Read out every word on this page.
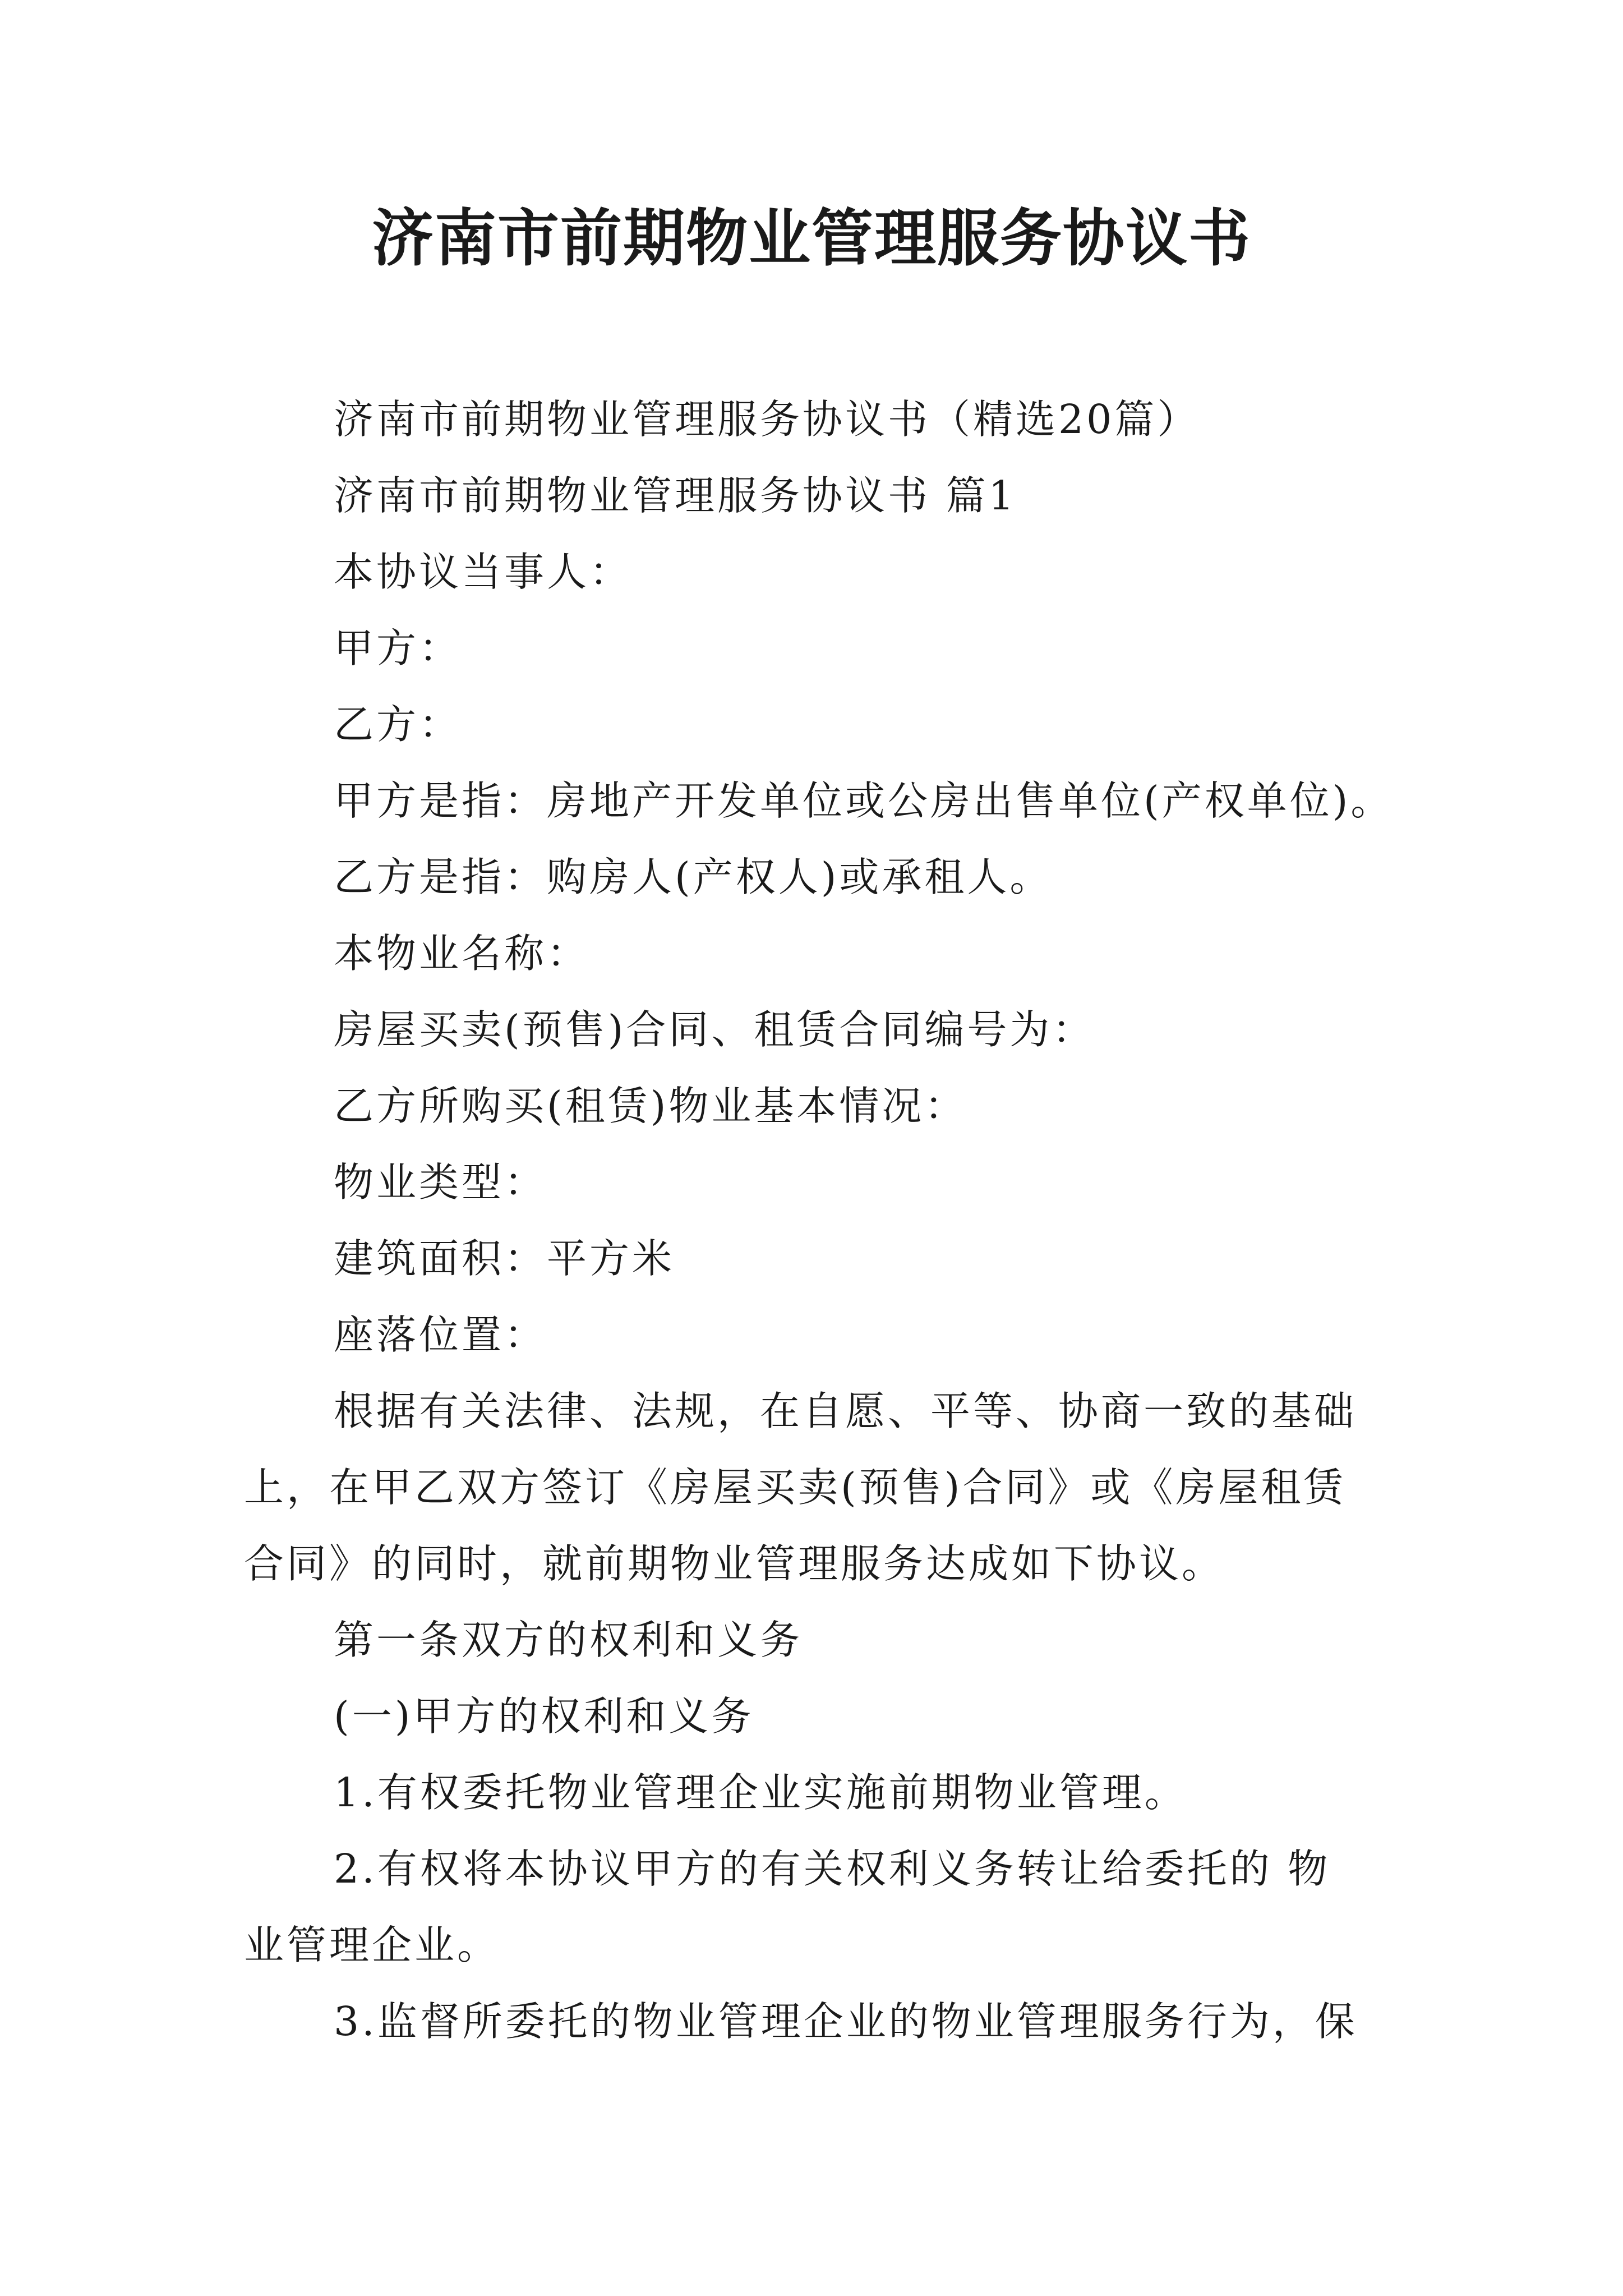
济南市前期物业管理服务协议书

济南市前期物业管理服务协议书（精选20篇）

济南市前期物业管理服务协议书 篇1

本协议当事人：

甲方：

乙方：

甲方是指：房地产开发单位或公房出售单位(产权单位)。

乙方是指：购房人(产权人)或承租人。

本物业名称：

房屋买卖(预售)合同、租赁合同编号为：

乙方所购买(租赁)物业基本情况：

物业类型：

建筑面积：平方米

座落位置：

根据有关法律、法规，在自愿、平等、协商一致的基础

上，在甲乙双方签订《房屋买卖(预售)合同》或《房屋租赁

合同》的同时，就前期物业管理服务达成如下协议。

第一条双方的权利和义务

(一)甲方的权利和义务

1.有权委托物业管理企业实施前期物业管理。

2.有权将本协议甲方的有关权利义务转让给委托的 物

业管理企业。

3.监督所委托的物业管理企业的物业管理服务行为，保
